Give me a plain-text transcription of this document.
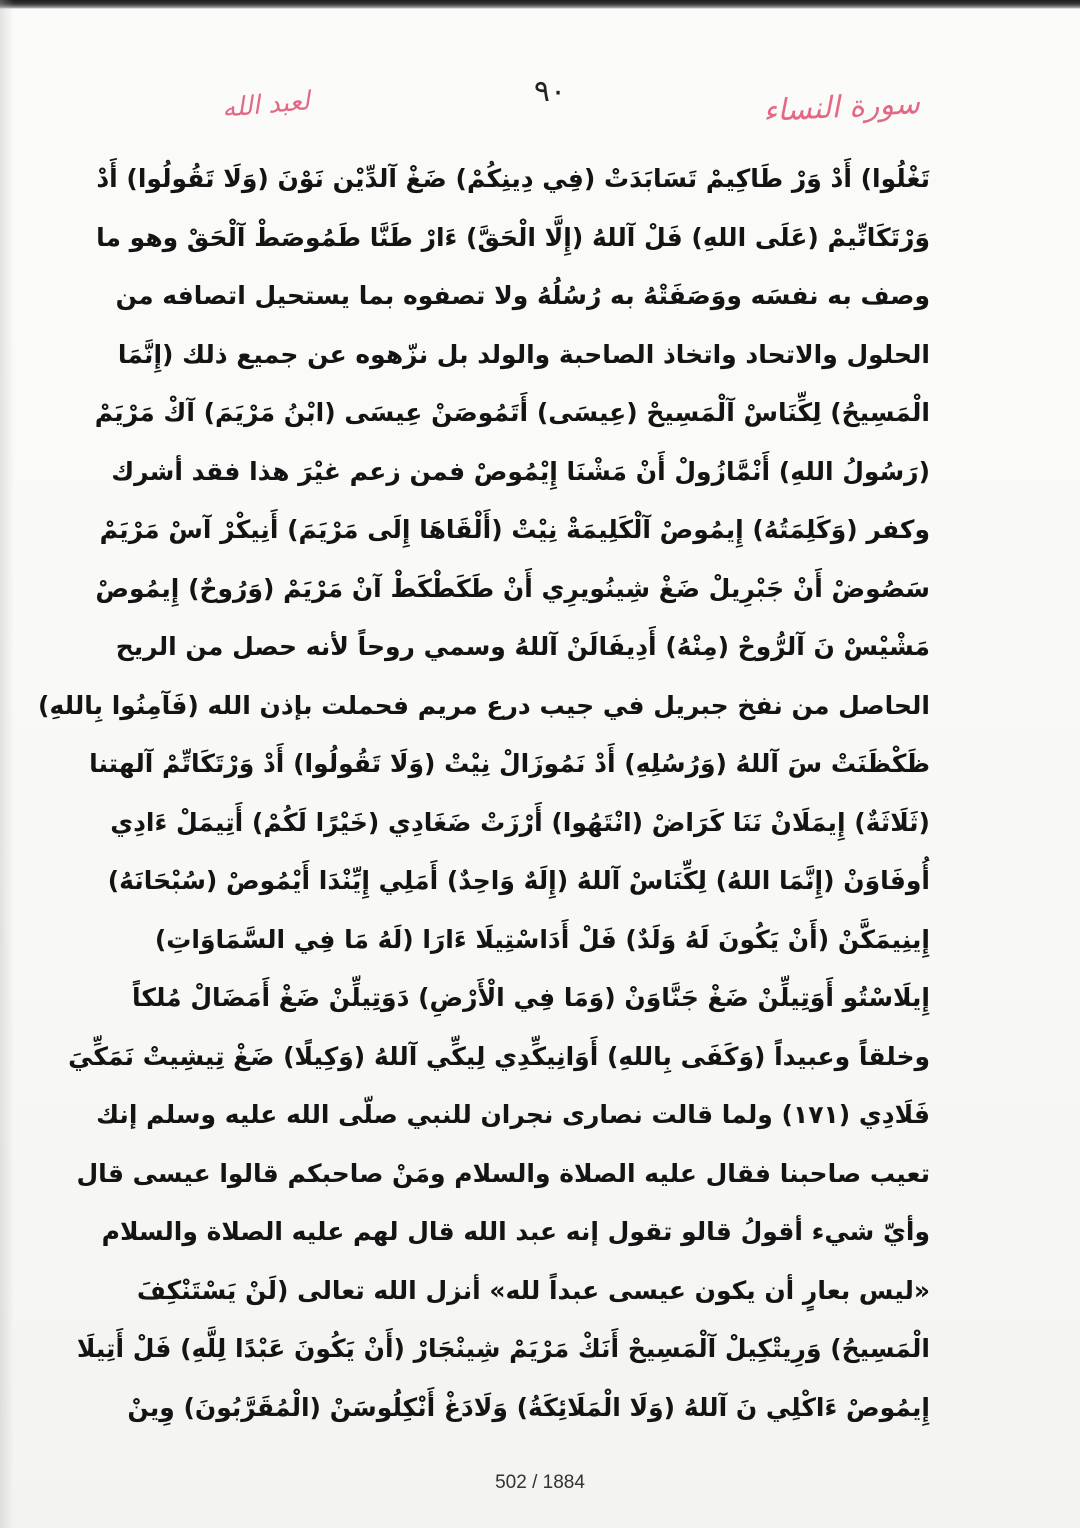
سورة النساء
٩٠
لعبد الله
تَغْلُوا) أَدْ وَرْ طَاكِيمْ تَسَابَدَتْ (فِي دِينِكُمْ) ضَغْ آلدِّيْن نَوْنَ (وَلَا تَقُولُوا) أَدْ
وَرْتَكَانِّيمْ (عَلَى اللهِ) فَلْ آللهُ (إِلَّا الْحَقَّ) ءَارْ طَنَّا طَمُوصَطْ آلْحَقْ وهو ما
وصف به نفسَه ووَصَفَتْهُ به رُسُلُهُ ولا تصفوه بما يستحيل اتصافه من
الحلول والاتحاد واتخاذ الصاحبة والولد بل نزّهوه عن جميع ذلك (إِنَّمَا
الْمَسِيحُ) لِكِّنَاسْ آلْمَسِيحْ (عِيسَى) أَتَمُوصَنْ عِيسَى (ابْنُ مَرْيَمَ) آكْ مَرْيَمْ
(رَسُولُ اللهِ) أَنْمَّازُولْ أَنْ مَشْنَا إِيْمُوصْ فمن زعم غيْرَ هذا فقد أشرك
وكفر (وَكَلِمَتُهُ) إِيمُوصْ آلْكَلِيمَةْ نِيْتْ (أَلْقَاهَا إِلَى مَرْيَمَ) أَنِيكْرْ آسْ مَرْيَمْ
سَصُوضْ أَنْ جَبْرِيلْ ضَغْ شِينُويرِي أَنْ طَكَطْكَطْ آنْ مَرْيَمْ (وَرُوحٌ) إِيمُوصْ
مَشْيْسْ نَ آلرُّوحْ (مِنْهُ) أَدِيفَالَنْ آللهُ وسمي روحاً لأنه حصل من الريح
الحاصل من نفخ جبريل في جيب درع مريم فحملت بإذن الله (فَآمِنُوا بِاللهِ)
ظَكْظَنَتْ سَ آللهُ (وَرُسُلِهِ) أَدْ نَمُوزَالْ نِيْتْ (وَلَا تَقُولُوا) أَدْ وَرْتَكَاتِّمْ آلهتنا
(ثَلَاثَةٌ) إِيمَلَانْ نَنَا كَرَاضْ (انْتَهُوا) أَرْزَتْ ضَغَادِي (خَيْرًا لَكُمْ) أَتِيمَلْ ءَادِي
أُوفَاوَنْ (إِنَّمَا اللهُ) لِكِّنَاسْ آللهُ (إِلَهٌ وَاحِدٌ) أَمَلِي إِيِّنْدَا أَيْمُوصْ (سُبْحَانَهُ)
إِينِيمَكَّنْ (أَنْ يَكُونَ لَهُ وَلَدٌ) فَلْ أَدَاسْتِيلَا ءَارَا (لَهُ مَا فِي السَّمَاوَاتِ)
إِيلَاسْتُو أَوَتِيلِّنْ ضَغْ جَنَّاوَنْ (وَمَا فِي الْأَرْضِ) دَوَتِيلِّنْ ضَغْ أَمَضَالْ مُلكاً
وخلقاً وعبيداً (وَكَفَى بِاللهِ) أَوَانِيكِّدِي لِيكِّي آللهُ (وَكِيلًا) ضَغْ تِيشِيتْ نَمَكِّيَ
فَلَادِي (١٧١) ولما قالت نصارى نجران للنبي صلّى الله عليه وسلم إنك
تعيب صاحبنا فقال عليه الصلاة والسلام ومَنْ صاحبكم قالوا عيسى قال
وأيّ شيء أقولُ قالو تقول إنه عبد الله قال لهم عليه الصلاة والسلام
«ليس بعارٍ أن يكون عيسى عبداً لله» أنزل الله تعالى (لَنْ يَسْتَنْكِفَ
الْمَسِيحُ) وَرِيتْكِيلْ آلْمَسِيحْ أَنَكْ مَرْيَمْ شِينْجَارْ (أَنْ يَكُونَ عَبْدًا لِلَّهِ) فَلْ أَتِيلَا
إِيمُوصْ ءَاكْلِي نَ آللهُ (وَلَا الْمَلَائِكَةُ) وَلَادَغْ أَنْكِلُوسَنْ (الْمُقَرَّبُونَ) وِينْ
502 / 1884
